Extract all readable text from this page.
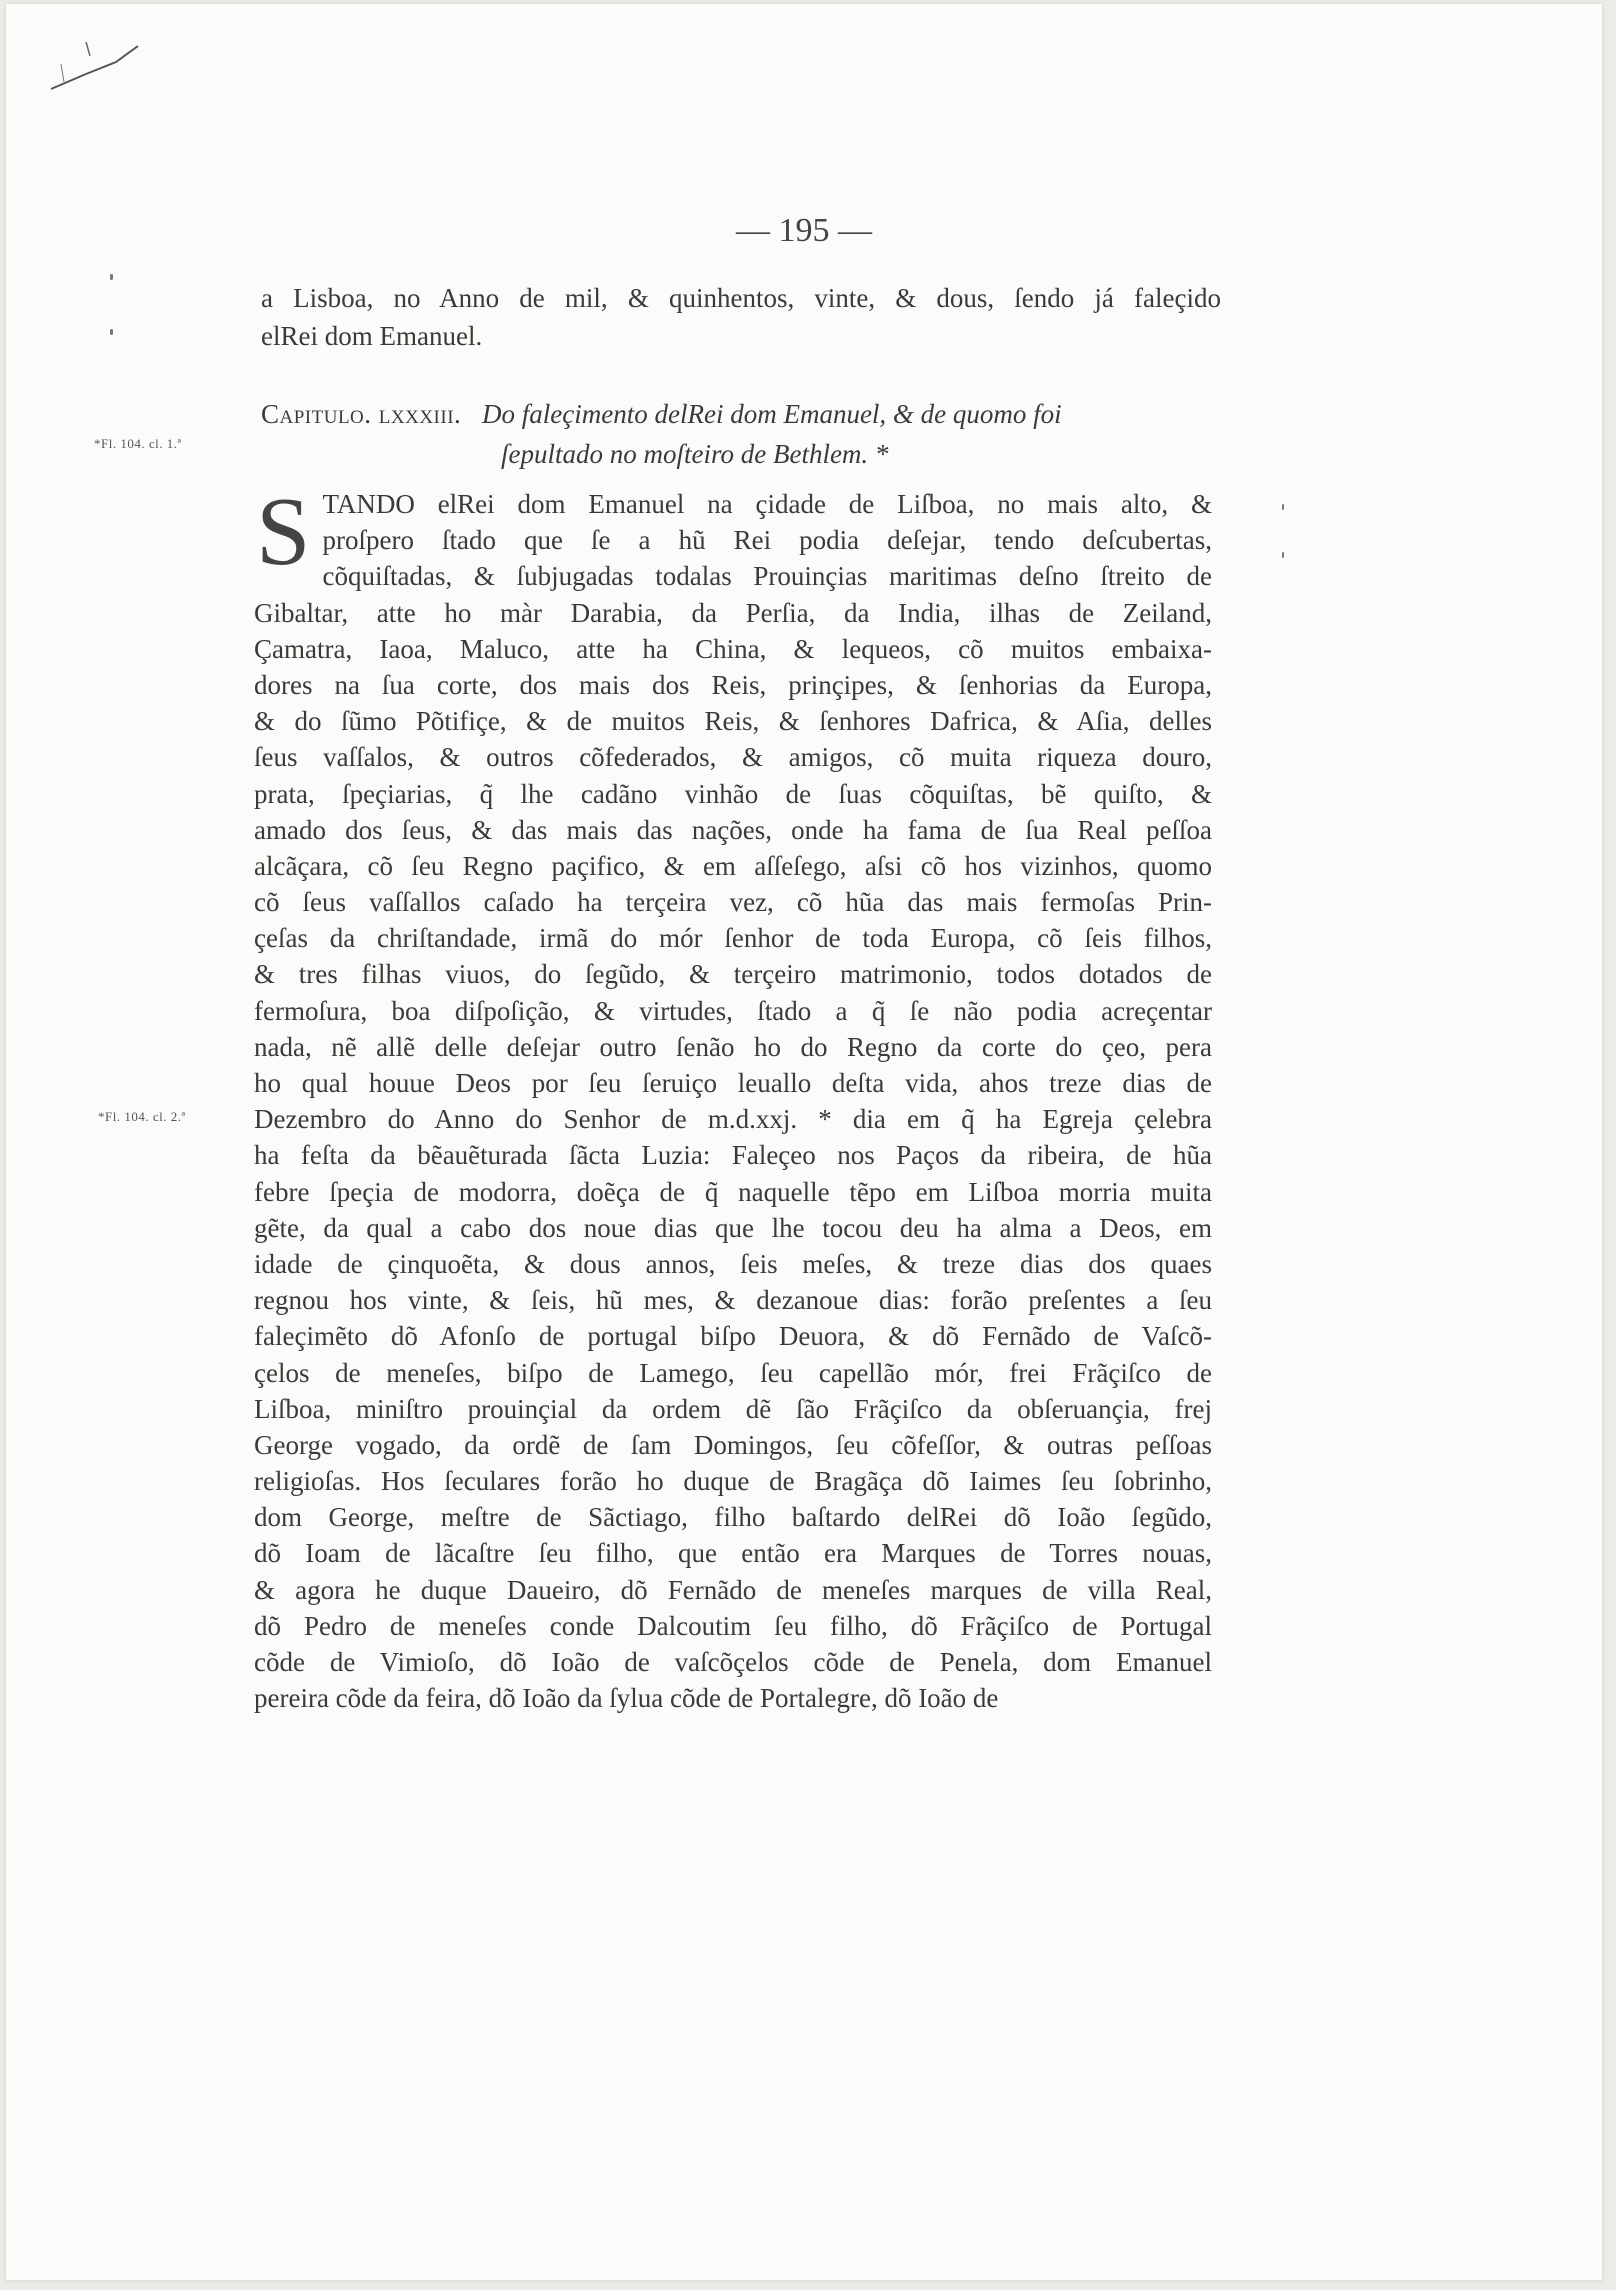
— 195 —
a Lisboa, no Anno de mil, & quinhentos, vinte, & dous, ſendo já faleçido
elRei dom Emanuel.
*Fl. 104. cl. 1.ª
Capitulo. lxxxiii. Do faleçimento delRei dom Emanuel, & de quomo foi
ſepultado no moſteiro de Bethlem. *
*Fl. 104. cl. 2.ª
S TANDO elRei dom Emanuel na çidade de Liſboa, no mais alto, &
proſpero ſtado que ſe a hũ Rei podia deſejar, tendo deſcubertas,
cõquiſtadas, & ſubjugadas todalas Prouinçias maritimas deſno ſtreito de
Gibaltar, atte ho màr Darabia, da Perſia, da India, ilhas de Zeiland,
Çamatra, Iaoa, Maluco, atte ha China, & lequeos, cõ muitos embaixa-
dores na ſua corte, dos mais dos Reis, prinçipes, & ſenhorias da Europa,
& do ſũmo Põtifiçe, & de muitos Reis, & ſenhores Dafrica, & Aſia, delles
ſeus vaſſalos, & outros cõfederados, & amigos, cõ muita riqueza douro,
prata, ſpeçiarias, q̃ lhe cadãno vinhão de ſuas cõquiſtas, bẽ quiſto, &
amado dos ſeus, & das mais das nações, onde ha fama de ſua Real peſſoa
alcãçara, cõ ſeu Regno paçifico, & em aſſeſego, aſsi cõ hos vizinhos, quomo
cõ ſeus vaſſallos caſado ha terçeira vez, cõ hũa das mais fermoſas Prin-
çeſas da chriſtandade, irmã do mór ſenhor de toda Europa, cõ ſeis filhos,
& tres filhas viuos, do ſegũdo, & terçeiro matrimonio, todos dotados de
fermoſura, boa diſpoſição, & virtudes, ſtado a q̃ ſe não podia acreçentar
nada, nẽ allẽ delle deſejar outro ſenão ho do Regno da corte do çeo, pera
ho qual houue Deos por ſeu ſeruiço leuallo deſta vida, ahos treze dias de
Dezembro do Anno do Senhor de m.d.xxj. * dia em q̃ ha Egreja çelebra
ha feſta da bẽauẽturada ſãcta Luzia: Faleçeo nos Paços da ribeira, de hũa
febre ſpeçia de modorra, doẽça de q̃ naquelle tẽpo em Liſboa morria muita
gẽte, da qual a cabo dos noue dias que lhe tocou deu ha alma a Deos, em
idade de çinquoẽta, & dous annos, ſeis meſes, & treze dias dos quaes
regnou hos vinte, & ſeis, hũ mes, & dezanoue dias: forão preſentes a ſeu
faleçimẽto dõ Afonſo de portugal biſpo Deuora, & dõ Fernãdo de Vaſcõ-
çelos de meneſes, biſpo de Lamego, ſeu capellão mór, frei Frãçiſco de
Liſboa, miniſtro prouinçial da ordem dẽ ſão Frãçiſco da obſeruançia, frej
George vogado, da ordẽ de ſam Domingos, ſeu cõfeſſor, & outras peſſoas
religioſas. Hos ſeculares forão ho duque de Bragãça dõ Iaimes ſeu ſobrinho,
dom George, meſtre de Sãctiago, filho baſtardo delRei dõ Ioão ſegũdo,
dõ Ioam de lãcaſtre ſeu filho, que então era Marques de Torres nouas,
& agora he duque Daueiro, dõ Fernãdo de meneſes marques de villa Real,
dõ Pedro de meneſes conde Dalcoutim ſeu filho, dõ Frãçiſco de Portugal
cõde de Vimioſo, dõ Ioão de vaſcõçelos cõde de Penela, dom Emanuel
pereira cõde da feira, dõ Ioão da ſylua cõde de Portalegre, dõ Ioão de
